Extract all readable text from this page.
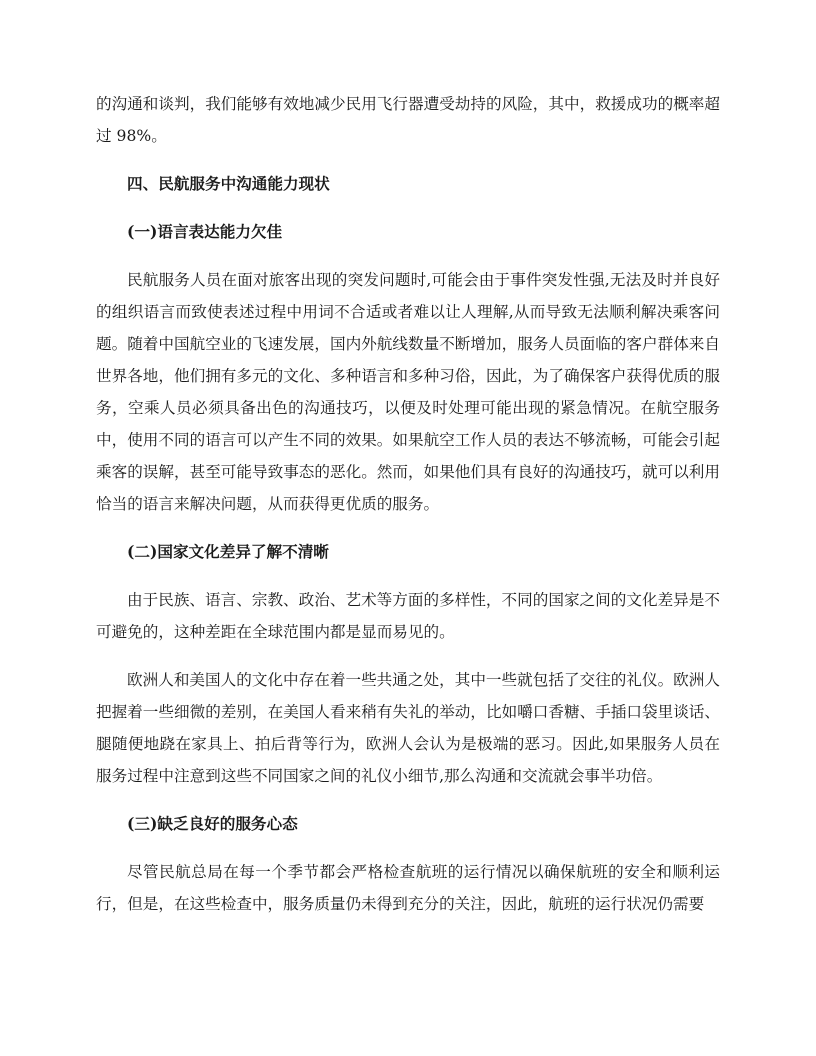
的沟通和谈判，我们能够有效地减少民用飞行器遭受劫持的风险，其中，救援成功的概率超过 98%。

四、民航服务中沟通能力现状
(一)语言表达能力欠佳

民航服务人员在面对旅客出现的突发问题时,可能会由于事件突发性强,无法及时并良好的组织语言而致使表述过程中用词不合适或者难以让人理解,从而导致无法顺利解决乘客问题。随着中国航空业的飞速发展，国内外航线数量不断增加，服务人员面临的客户群体来自世界各地，他们拥有多元的文化、多种语言和多种习俗，因此，为了确保客户获得优质的服务，空乘人员必须具备出色的沟通技巧，以便及时处理可能出现的紧急情况。在航空服务中，使用不同的语言可以产生不同的效果。如果航空工作人员的表达不够流畅，可能会引起乘客的误解，甚至可能导致事态的恶化。然而，如果他们具有良好的沟通技巧，就可以利用恰当的语言来解决问题，从而获得更优质的服务。

(二)国家文化差异了解不清晰

由于民族、语言、宗教、政治、艺术等方面的多样性，不同的国家之间的文化差异是不可避免的，这种差距在全球范围内都是显而易见的。

欧洲人和美国人的文化中存在着一些共通之处，其中一些就包括了交往的礼仪。欧洲人把握着一些细微的差别，在美国人看来稍有失礼的举动，比如嚼口香糖、手插口袋里谈话、腿随便地跷在家具上、拍后背等行为，欧洲人会认为是极端的恶习。因此,如果服务人员在服务过程中注意到这些不同国家之间的礼仪小细节,那么沟通和交流就会事半功倍。

(三)缺乏良好的服务心态

尽管民航总局在每一个季节都会严格检查航班的运行情况以确保航班的安全和顺利运行，但是，在这些检查中，服务质量仍未得到充分的关注，因此，航班的运行状况仍需要
